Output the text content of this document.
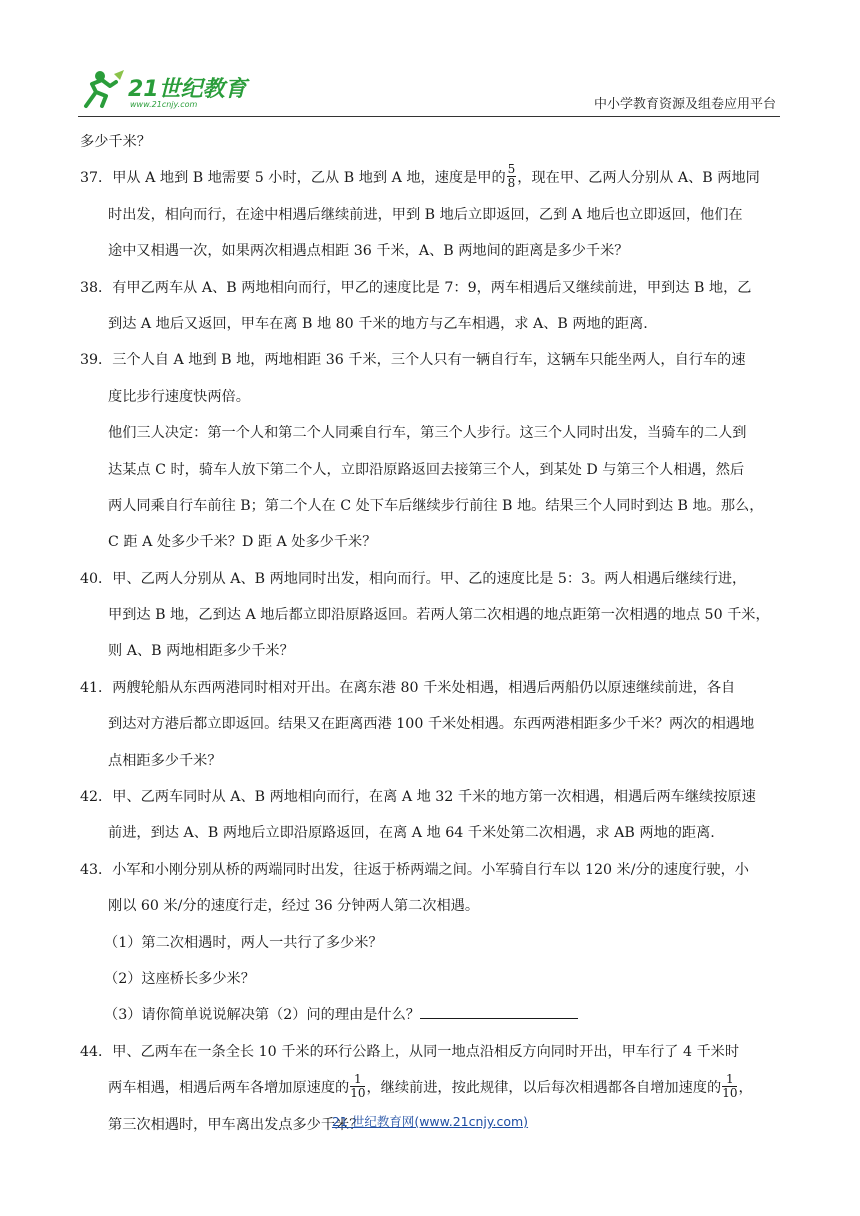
21世纪教育
www.21cnjy.com	中小学教育资源及组卷应用平台
多少千米？
37．甲从 A 地到 B 地需要 5 小时，乙从 B 地到 A 地，速度是甲的 $\frac{5}{8}$ ，现在甲、乙两人分别从 A、B 两地同
时出发，相向而行，在途中相遇后继续前进，甲到 B 地后立即返回，乙到 A 地后也立即返回，他们在
途中又相遇一次，如果两次相遇点相距 36 千米，A、B 两地间的距离是多少千米？
38．有甲乙两车从 A、B 两地相向而行，甲乙的速度比是 7：9，两车相遇后又继续前进，甲到达 B 地，乙
到达 A 地后又返回，甲车在离 B 地 80 千米的地方与乙车相遇，求 A、B 两地的距离.
39．三个人自 A 地到 B 地，两地相距 36 千米，三个人只有一辆自行车，这辆车只能坐两人，自行车的速
度比步行速度快两倍。
他们三人决定：第一个人和第二个人同乘自行车，第三个人步行。这三个人同时出发，当骑车的二人到
达某点 C 时，骑车人放下第二个人，立即沿原路返回去接第三个人，到某处 D 与第三个人相遇，然后
两人同乘自行车前往 B；第二个人在 C 处下车后继续步行前往 B 地。结果三个人同时到达 B 地。那么，
C 距 A 处多少千米？D 距 A 处多少千米？
40．甲、乙两人分别从 A、B 两地同时出发，相向而行。甲、乙的速度比是 5：3。两人相遇后继续行进，
甲到达 B 地，乙到达 A 地后都立即沿原路返回。若两人第二次相遇的地点距第一次相遇的地点 50 千米，
则 A、B 两地相距多少千米？
41．两艘轮船从东西两港同时相对开出。在离东港 80 千米处相遇，相遇后两船仍以原速继续前进，各自
到达对方港后都立即返回。结果又在距离西港 100 千米处相遇。东西两港相距多少千米？两次的相遇地
点相距多少千米？
42．甲、乙两车同时从 A、B 两地相向而行，在离 A 地 32 千米的地方第一次相遇，相遇后两车继续按原速
前进，到达 A、B 两地后立即沿原路返回，在离 A 地 64 千米处第二次相遇，求 AB 两地的距离.
43．小军和小刚分别从桥的两端同时出发，往返于桥两端之间。小军骑自行车以 120 米/分的速度行驶，小
刚以 60 米/分的速度行走，经过 36 分钟两人第二次相遇。
（1）第二次相遇时，两人一共行了多少米？
（2）这座桥长多少米？
（3）请你简单说说解决第（2）问的理由是什么？
44．甲、乙两车在一条全长 10 千米的环行公路上，从同一地点沿相反方向同时开出，甲车行了 4 千米时
两车相遇，相遇后两车各增加原速度的 $\frac{1}{10}$ ，继续前进，按此规律，以后每次相遇都各自增加速度的 $\frac{1}{10}$ ，
第三次相遇时，甲车离出发点多少千米？
21 世纪教育网(www.21cnjy.com)
